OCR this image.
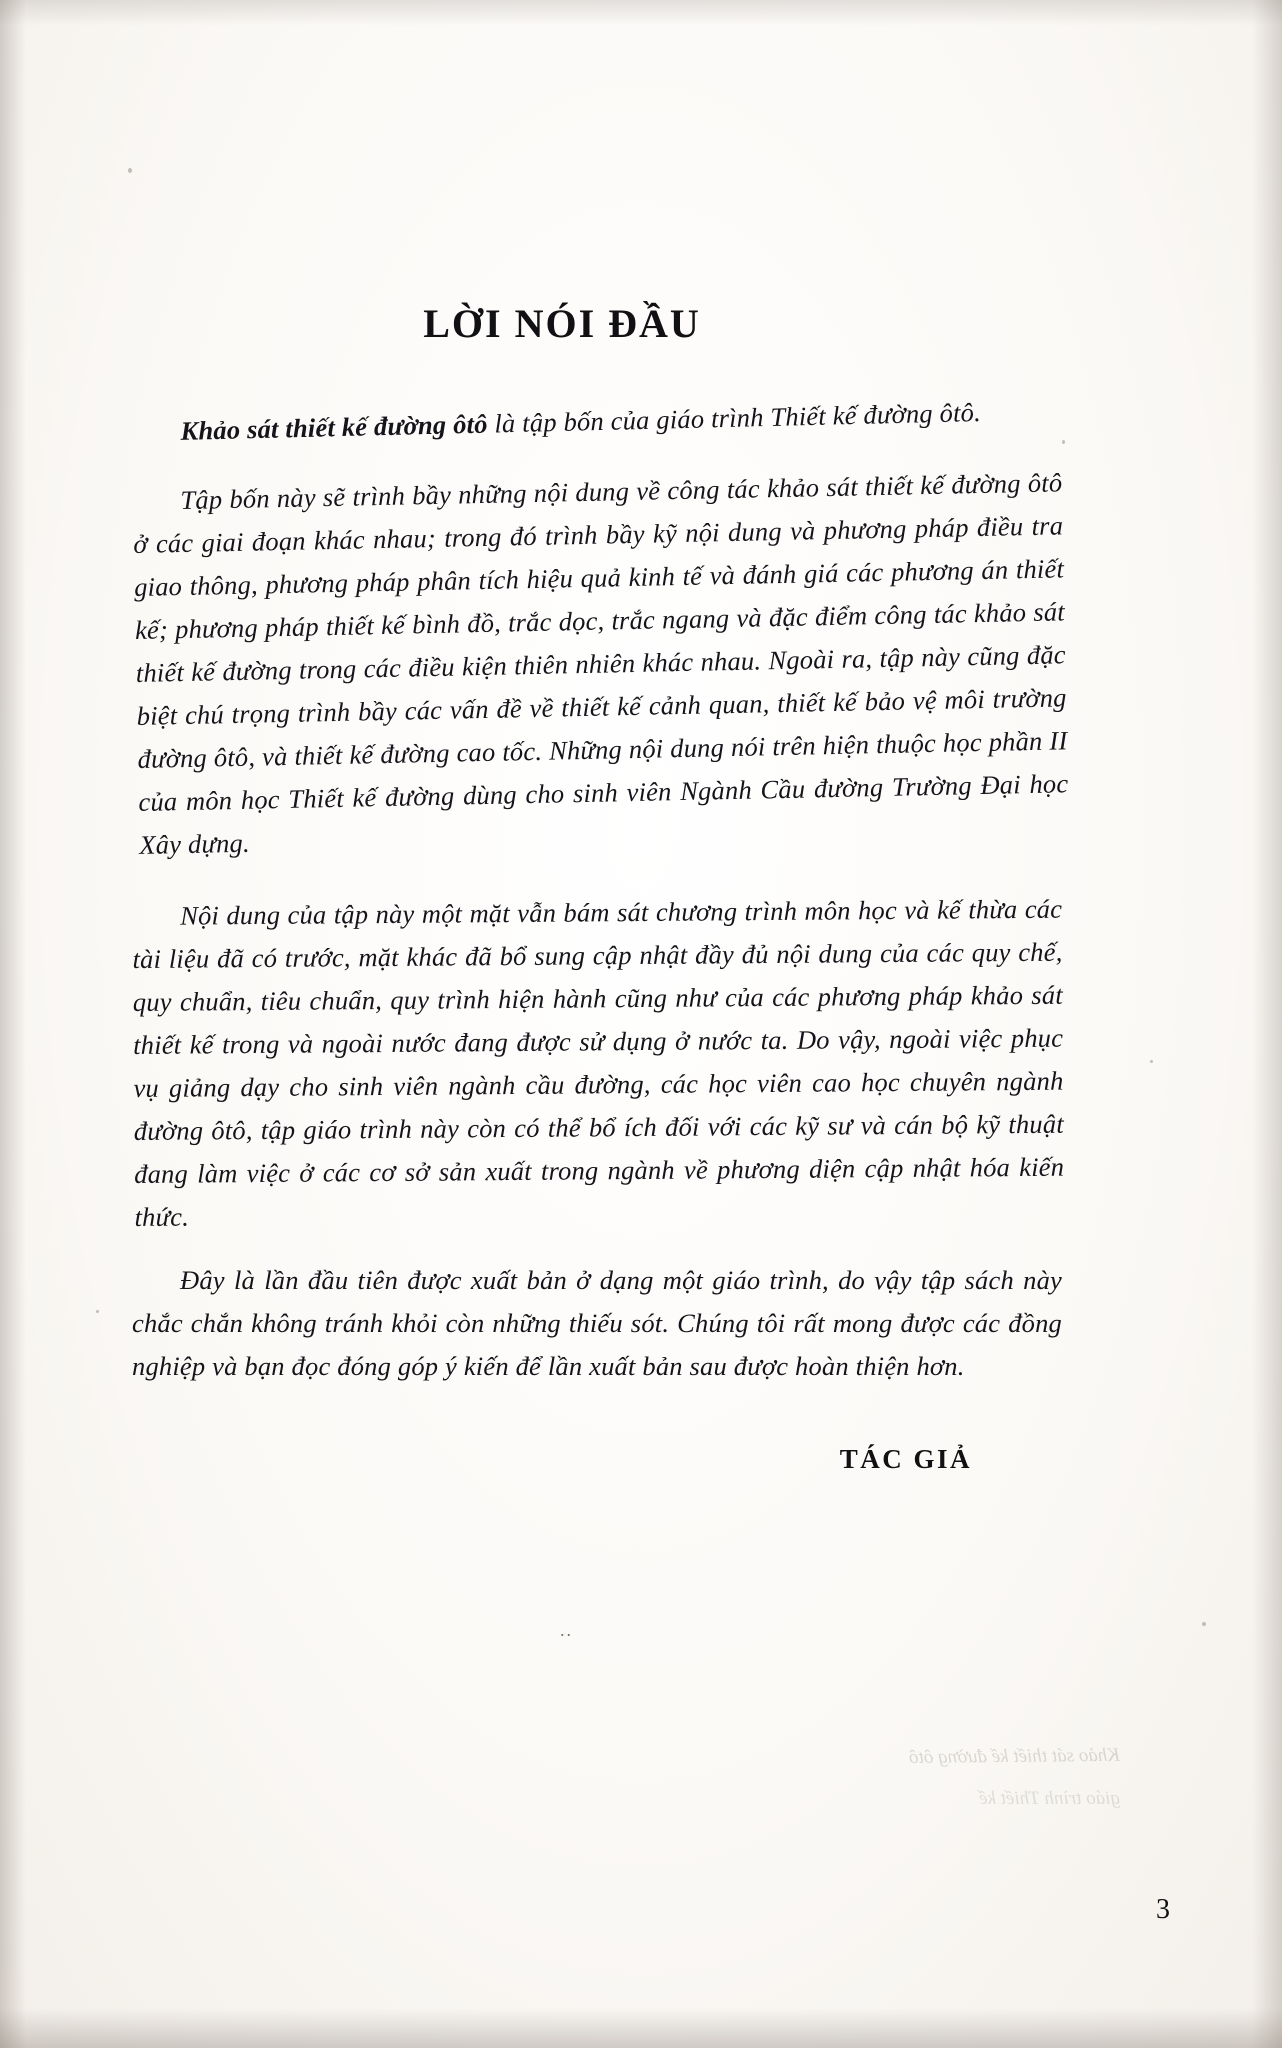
LỜI NÓI ĐẦU

Khảo sát thiết kế đường ôtô là tập bốn của giáo trình Thiết kế đường ôtô.

Tập bốn này sẽ trình bầy những nội dung về công tác khảo sát thiết kế đường ôtô ở các giai đoạn khác nhau; trong đó trình bầy kỹ nội dung và phương pháp điều tra giao thông, phương pháp phân tích hiệu quả kinh tế và đánh giá các phương án thiết kế; phương pháp thiết kế bình đồ, trắc dọc, trắc ngang và đặc điểm công tác khảo sát thiết kế đường trong các điều kiện thiên nhiên khác nhau. Ngoài ra, tập này cũng đặc biệt chú trọng trình bầy các vấn đề về thiết kế cảnh quan, thiết kế bảo vệ môi trường đường ôtô, và thiết kế đường cao tốc. Những nội dung nói trên hiện thuộc học phần II của môn học Thiết kế đường dùng cho sinh viên Ngành Cầu đường Trường Đại học Xây dựng.

Nội dung của tập này một mặt vẫn bám sát chương trình môn học và kế thừa các tài liệu đã có trước, mặt khác đã bổ sung cập nhật đầy đủ nội dung của các quy chế, quy chuẩn, tiêu chuẩn, quy trình hiện hành cũng như của các phương pháp khảo sát thiết kế trong và ngoài nước đang được sử dụng ở nước ta. Do vậy, ngoài việc phục vụ giảng dạy cho sinh viên ngành cầu đường, các học viên cao học chuyên ngành đường ôtô, tập giáo trình này còn có thể bổ ích đối với các kỹ sư và cán bộ kỹ thuật đang làm việc ở các cơ sở sản xuất trong ngành về phương diện cập nhật hóa kiến thức.

Đây là lần đầu tiên được xuất bản ở dạng một giáo trình, do vậy tập sách này chắc chắn không tránh khỏi còn những thiếu sót. Chúng tôi rất mong được các đồng nghiệp và bạn đọc đóng góp ý kiến để lần xuất bản sau được hoàn thiện hơn.

TÁC GIẢ
..
Khảo sát thiết kế đường ôtô
giáo trình Thiết kế
3
